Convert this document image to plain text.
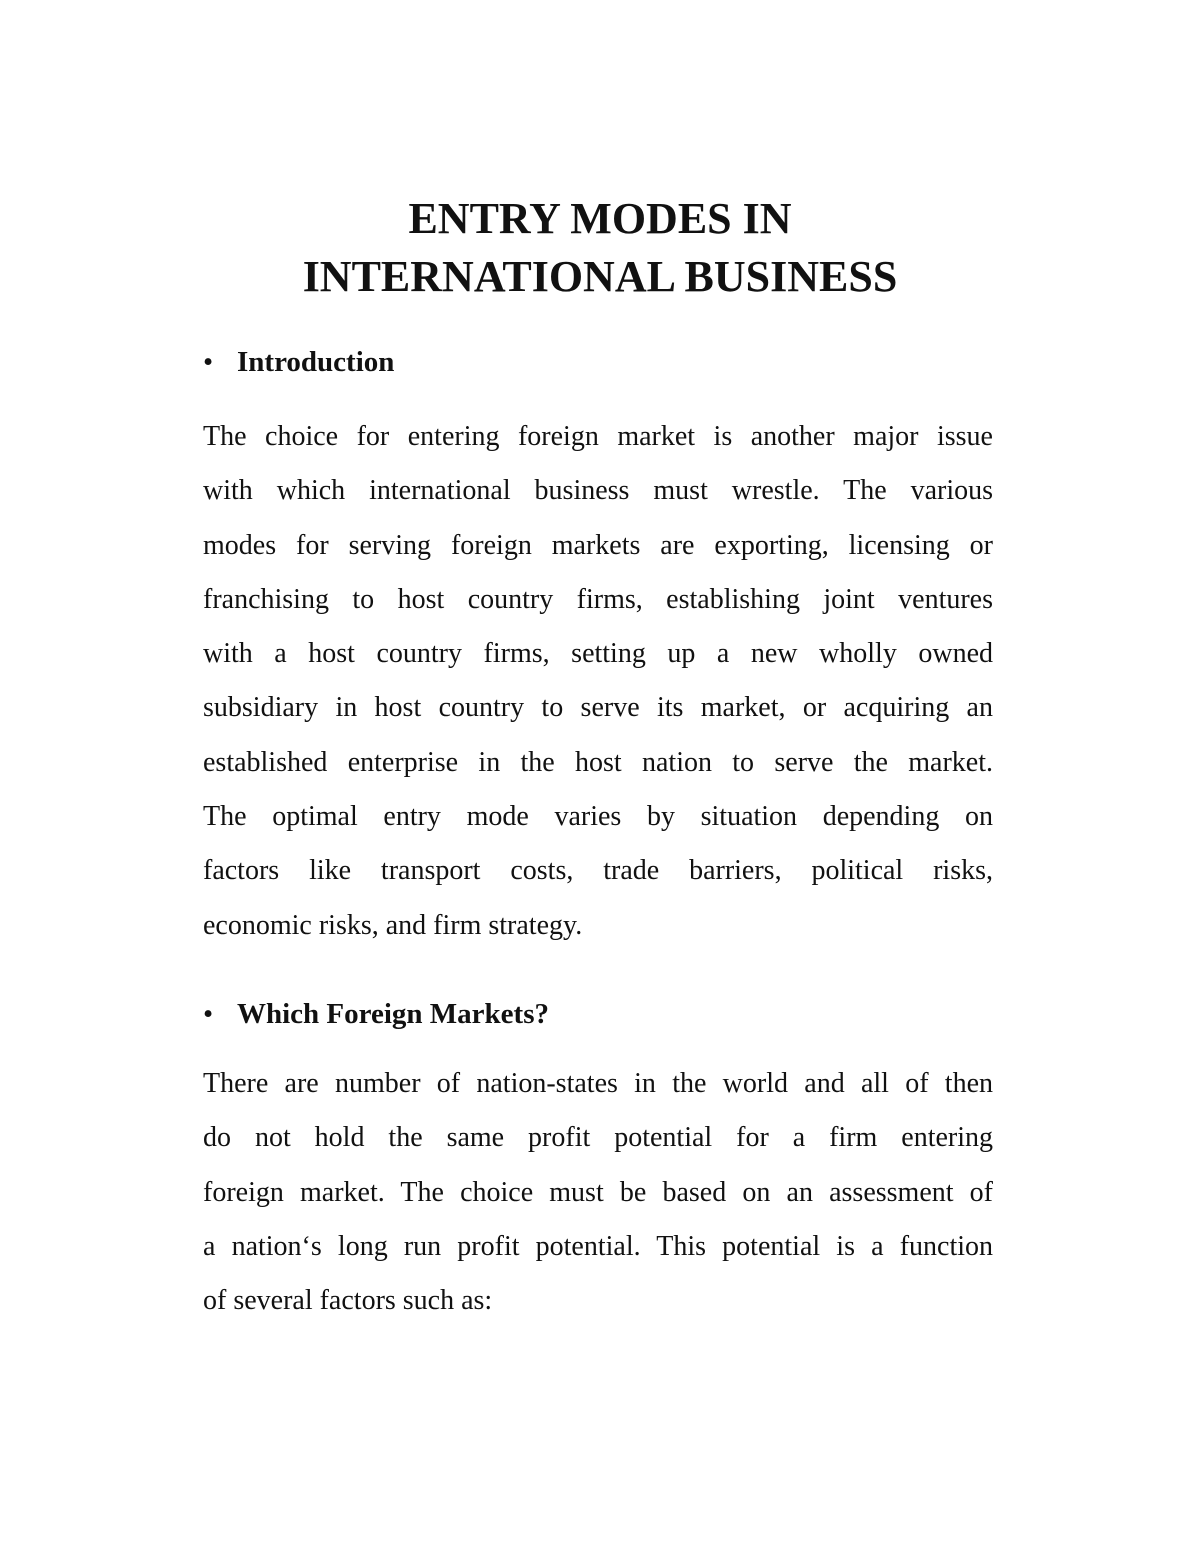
ENTRY MODES IN
INTERNATIONAL BUSINESS
• Introduction

The choice for entering foreign market is another major issue
with which international business must wrestle. The various
modes for serving foreign markets are exporting, licensing or
franchising to host country firms, establishing joint ventures
with a host country firms, setting up a new wholly owned
subsidiary in host country to serve its market, or acquiring an
established enterprise in the host nation to serve the market.
The optimal entry mode varies by situation depending on
factors like transport costs, trade barriers, political risks,
economic risks, and firm strategy.

• Which Foreign Markets?

There are number of nation-states in the world and all of then
do not hold the same profit potential for a firm entering
foreign market. The choice must be based on an assessment of
a nation‘s long run profit potential. This potential is a function
of several factors such as:
